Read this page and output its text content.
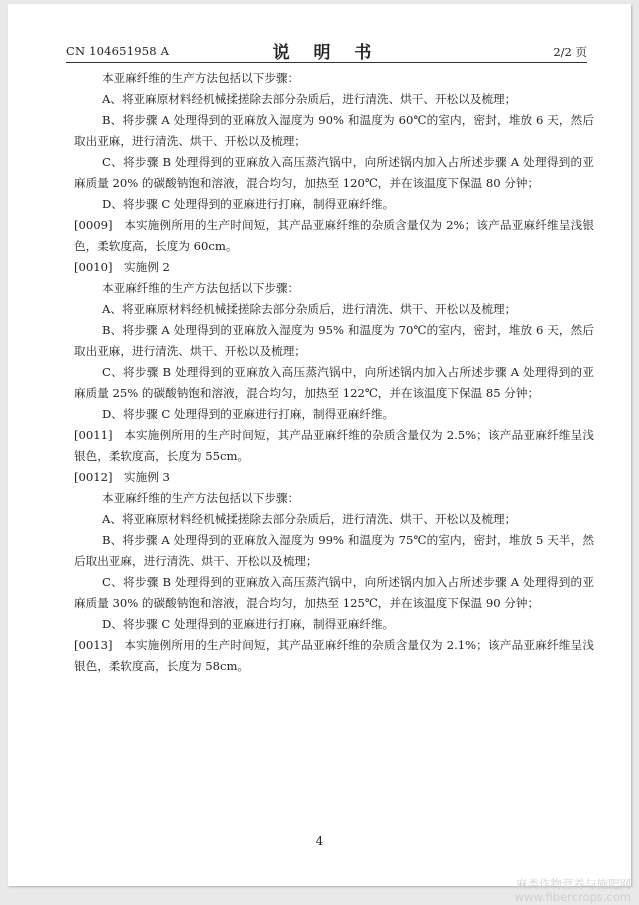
CN 104651958 A	说 明 书	2/2 页

本亚麻纤维的生产方法包括以下步骤：

A、将亚麻原材料经机械揉搓除去部分杂质后，进行清洗、烘干、开松以及梳理；

B、将步骤 A 处理得到的亚麻放入湿度为 90% 和温度为 60℃的室内，密封，堆放 6 天，然后取出亚麻，进行清洗、烘干、开松以及梳理；

C、将步骤 B 处理得到的亚麻放入高压蒸汽锅中，向所述锅内加入占所述步骤 A 处理得到的亚麻质量 20% 的碳酸钠饱和溶液，混合均匀，加热至 120℃，并在该温度下保温 80 分钟；

D、将步骤 C 处理得到的亚麻进行打麻，制得亚麻纤维。

[0009] 本实施例所用的生产时间短，其产品亚麻纤维的杂质含量仅为 2%；该产品亚麻纤维呈浅银色，柔软度高，长度为 60cm。

[0010] 实施例 2

本亚麻纤维的生产方法包括以下步骤：

A、将亚麻原材料经机械揉搓除去部分杂质后，进行清洗、烘干、开松以及梳理；

B、将步骤 A 处理得到的亚麻放入湿度为 95% 和温度为 70℃的室内，密封，堆放 6 天，然后取出亚麻，进行清洗、烘干、开松以及梳理；

C、将步骤 B 处理得到的亚麻放入高压蒸汽锅中，向所述锅内加入占所述步骤 A 处理得到的亚麻质量 25% 的碳酸钠饱和溶液，混合均匀，加热至 122℃，并在该温度下保温 85 分钟；

D、将步骤 C 处理得到的亚麻进行打麻，制得亚麻纤维。

[0011] 本实施例所用的生产时间短，其产品亚麻纤维的杂质含量仅为 2.5%；该产品亚麻纤维呈浅银色，柔软度高，长度为 55cm。

[0012] 实施例 3

本亚麻纤维的生产方法包括以下步骤：

A、将亚麻原材料经机械揉搓除去部分杂质后，进行清洗、烘干、开松以及梳理；

B、将步骤 A 处理得到的亚麻放入湿度为 99% 和温度为 75℃的室内，密封，堆放 5 天半，然后取出亚麻，进行清洗、烘干、开松以及梳理；

C、将步骤 B 处理得到的亚麻放入高压蒸汽锅中，向所述锅内加入占所述步骤 A 处理得到的亚麻质量 30% 的碳酸钠饱和溶液，混合均匀，加热至 125℃，并在该温度下保温 90 分钟；

D、将步骤 C 处理得到的亚麻进行打麻，制得亚麻纤维。

[0013] 本实施例所用的生产时间短，其产品亚麻纤维的杂质含量仅为 2.1%；该产品亚麻纤维呈浅银色，柔软度高，长度为 58cm。

4
麻类作物营养与施肥网
www.fibercrops.com
